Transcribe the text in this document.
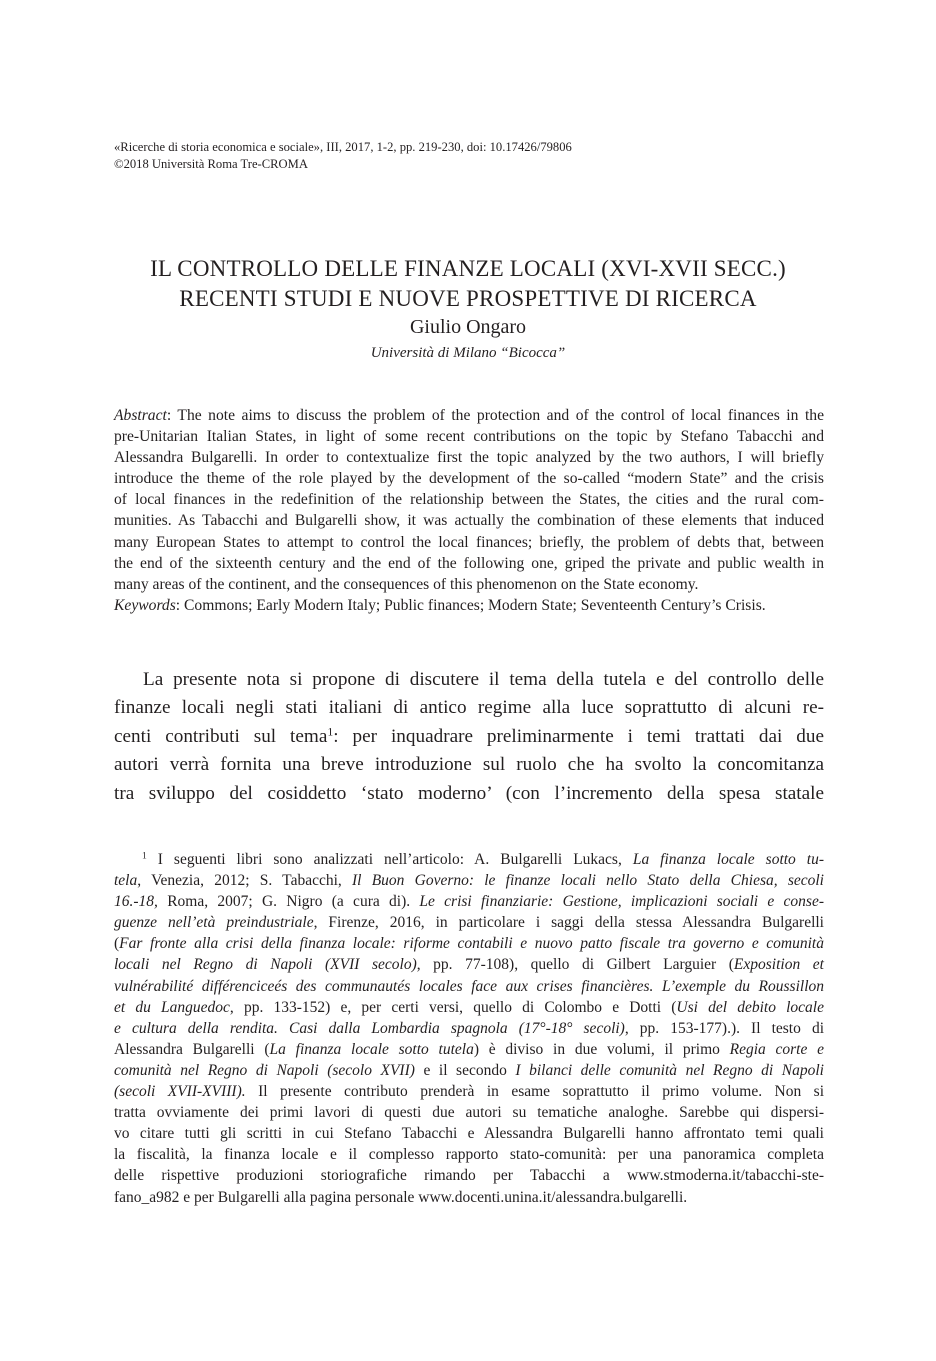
«Ricerche di storia economica e sociale», III, 2017, 1-2, pp. 219-230, doi: 10.17426/79806
©2018 Università Roma Tre-CROMA
IL CONTROLLO DELLE FINANZE LOCALI (XVI-XVII SECC.)
RECENTI STUDI E NUOVE PROSPETTIVE DI RICERCA
Giulio Ongaro
Università di Milano “Bicocca”
Abstract: The note aims to discuss the problem of the protection and of the control of local finances in the
pre-Unitarian Italian States, in light of some recent contributions on the topic by Stefano Tabacchi and
Alessandra Bulgarelli. In order to contextualize first the topic analyzed by the two authors, I will briefly
introduce the theme of the role played by the development of the so-called “modern State” and the crisis
of local finances in the redefinition of the relationship between the States, the cities and the rural com-
munities. As Tabacchi and Bulgarelli show, it was actually the combination of these elements that induced
many European States to attempt to control the local finances; briefly, the problem of debts that, between
the end of the sixteenth century and the end of the following one, griped the private and public wealth in
many areas of the continent, and the consequences of this phenomenon on the State economy.
Keywords: Commons; Early Modern Italy; Public finances; Modern State; Seventeenth Century’s Crisis.
La presente nota si propone di discutere il tema della tutela e del controllo delle
finanze locali negli stati italiani di antico regime alla luce soprattutto di alcuni re-
centi contributi sul tema$^1$: per inquadrare preliminarmente i temi trattati dai due
autori verrà fornita una breve introduzione sul ruolo che ha svolto la concomitanza
tra sviluppo del cosiddetto ‘stato moderno’ (con l’incremento della spesa statale
$^1$ I seguenti libri sono analizzati nell’articolo: A. Bulgarelli Lukacs, La finanza locale sotto tu-
tela, Venezia, 2012; S. Tabacchi, Il Buon Governo: le finanze locali nello Stato della Chiesa, secoli
16.-18, Roma, 2007; G. Nigro (a cura di). Le crisi finanziarie: Gestione, implicazioni sociali e conse-
guenze nell’età preindustriale, Firenze, 2016, in particolare i saggi della stessa Alessandra Bulgarelli
(Far fronte alla crisi della finanza locale: riforme contabili e nuovo patto fiscale tra governo e comunità
locali nel Regno di Napoli (XVII secolo), pp. 77-108), quello di Gilbert Larguier (Exposition et
vulnérabilité différenciceés des communautés locales face aux crises financières. L’exemple du Roussillon
et du Languedoc, pp. 133-152) e, per certi versi, quello di Colombo e Dotti (Usi del debito locale
e cultura della rendita. Casi dalla Lombardia spagnola (17°-18° secoli), pp. 153-177).). Il testo di
Alessandra Bulgarelli (La finanza locale sotto tutela) è diviso in due volumi, il primo Regia corte e
comunità nel Regno di Napoli (secolo XVII) e il secondo I bilanci delle comunità nel Regno di Napoli
(secoli XVII-XVIII). Il presente contributo prenderà in esame soprattutto il primo volume. Non si
tratta ovviamente dei primi lavori di questi due autori su tematiche analoghe. Sarebbe qui dispersi-
vo citare tutti gli scritti in cui Stefano Tabacchi e Alessandra Bulgarelli hanno affrontato temi quali
la fiscalità, la finanza locale e il complesso rapporto stato-comunità: per una panoramica completa
delle rispettive produzioni storiografiche rimando per Tabacchi a www.stmoderna.it/tabacchi-ste-
fano_a982 e per Bulgarelli alla pagina personale www.docenti.unina.it/alessandra.bulgarelli.
